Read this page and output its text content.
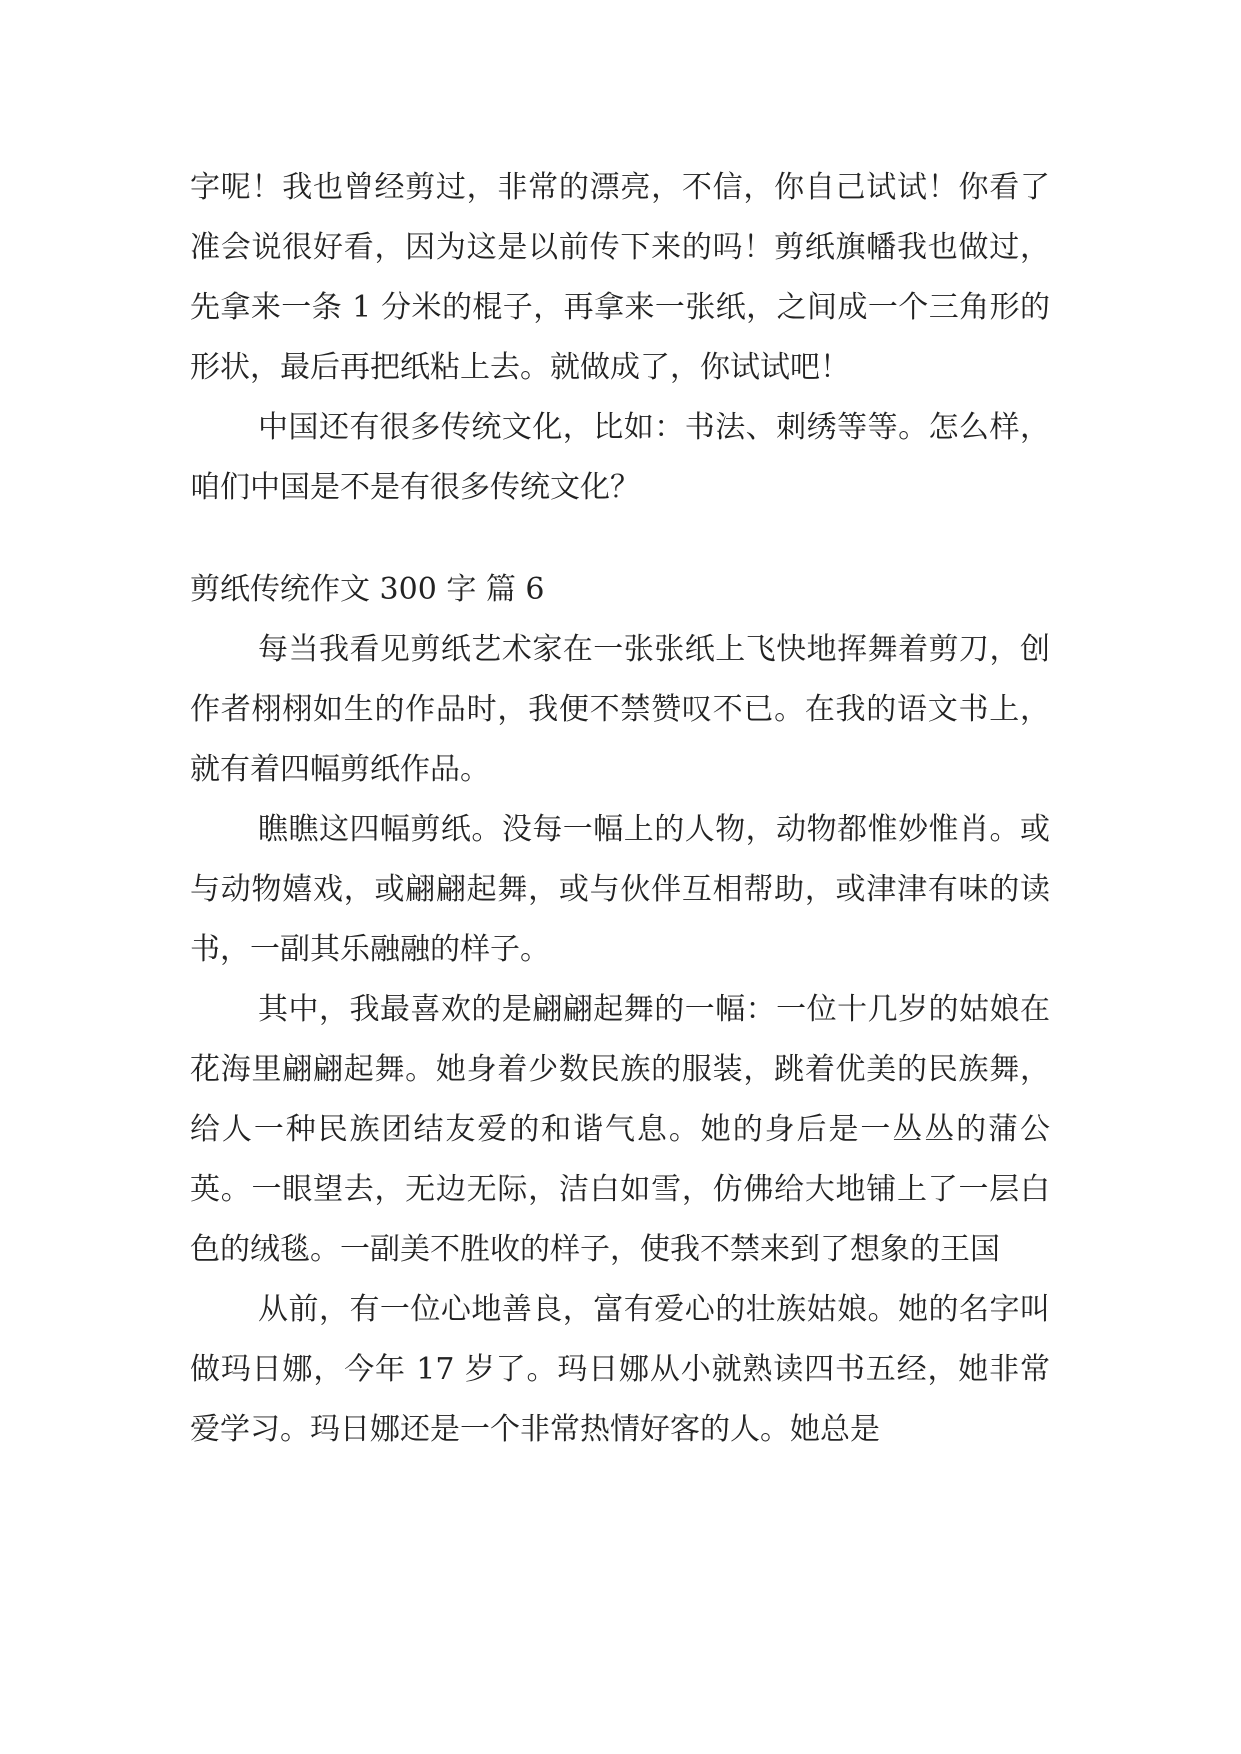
字呢！我也曾经剪过，非常的漂亮，不信，你自己试试！你看了准会说很好看，因为这是以前传下来的吗！剪纸旗幡我也做过，先拿来一条 1 分米的棍子，再拿来一张纸，之间成一个三角形的形状，最后再把纸粘上去。就做成了，你试试吧！

中国还有很多传统文化，比如：书法、刺绣等等。怎么样，咱们中国是不是有很多传统文化？

剪纸传统作文 300 字 篇 6

每当我看见剪纸艺术家在一张张纸上飞快地挥舞着剪刀，创作者栩栩如生的作品时，我便不禁赞叹不已。在我的语文书上，就有着四幅剪纸作品。

瞧瞧这四幅剪纸。没每一幅上的人物，动物都惟妙惟肖。或与动物嬉戏，或翩翩起舞，或与伙伴互相帮助，或津津有味的读书，一副其乐融融的样子。

其中，我最喜欢的是翩翩起舞的一幅：一位十几岁的姑娘在花海里翩翩起舞。她身着少数民族的服装，跳着优美的民族舞，给人一种民族团结友爱的和谐气息。她的身后是一丛丛的蒲公英。一眼望去，无边无际，洁白如雪，仿佛给大地铺上了一层白色的绒毯。一副美不胜收的样子，使我不禁来到了想象的王国

从前，有一位心地善良，富有爱心的壮族姑娘。她的名字叫做玛日娜，今年 17 岁了。玛日娜从小就熟读四书五经，她非常爱学习。玛日娜还是一个非常热情好客的人。她总是
